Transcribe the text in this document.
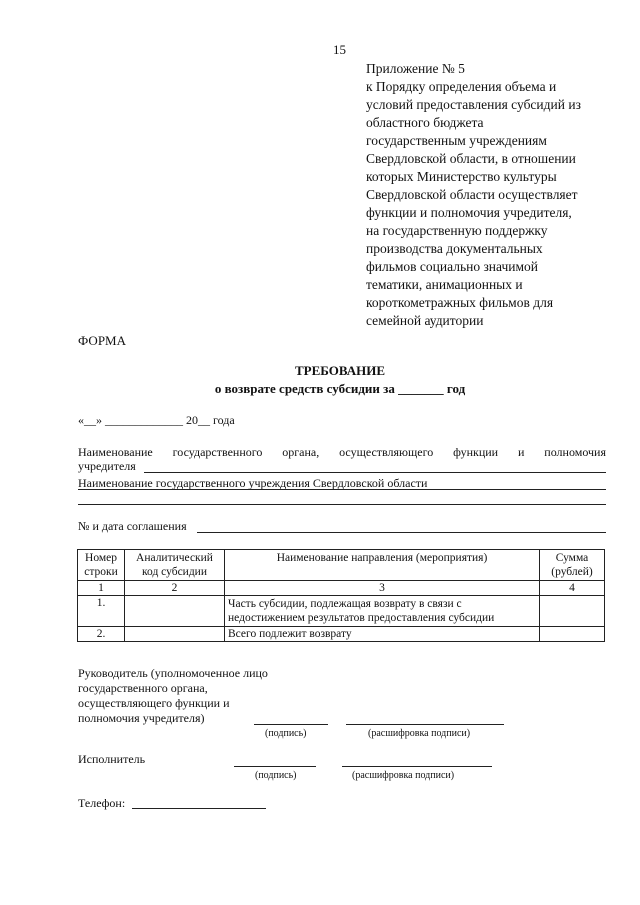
15
Приложение № 5
к Порядку определения объема и
условий предоставления субсидий из
областного бюджета
государственным учреждениям
Свердловской области, в отношении
которых Министерство культуры
Свердловской области осуществляет
функции и полномочия учредителя,
на государственную поддержку
производства документальных
фильмов социально значимой
тематики, анимационных и
короткометражных фильмов для
семейной аудитории
ФОРМА
ТРЕБОВАНИЕ
о возврате средств субсидии за _______ год
«__» _____________ 20__ года
Наименование государственного органа, осуществляющего функции и полномочия
учредителя
Наименование государственного учреждения Свердловской области
№ и дата соглашения
Номер строки	Аналитический код субсидии	Наименование направления (мероприятия)	Сумма (рублей)
1	2	3	4
1.		Часть субсидии, подлежащая возврату в связи с недостижением результатов предоставления субсидии	
2.		Всего подлежит возврату	
Руководитель (уполномоченное лицо
государственного органа,
осуществляющего функции и
полномочия учредителя)
(подпись)	(расшифровка подписи)
Исполнитель
(подпись)	(расшифровка подписи)
Телефон:
